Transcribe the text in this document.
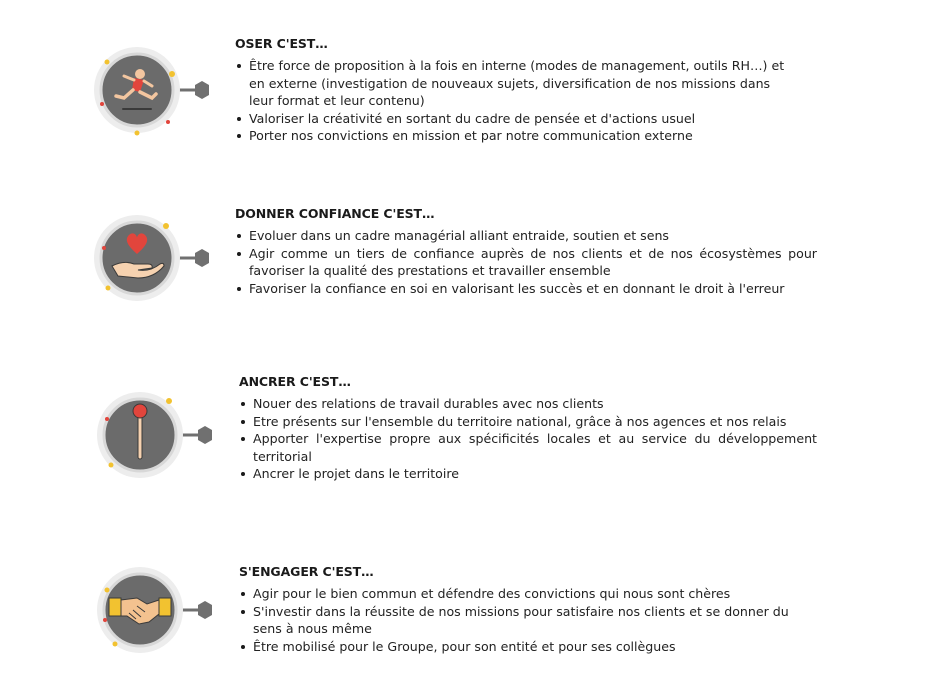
OSER C'EST…
Être force de proposition à la fois en interne (modes de management, outils RH…) et en externe (investigation de nouveaux sujets, diversification de nos missions dans leur format et leur contenu)
Valoriser la créativité en sortant du cadre de pensée et d'actions usuel
Porter nos convictions en mission et par notre communication externe
DONNER CONFIANCE C'EST…
Evoluer dans un cadre managérial alliant entraide, soutien et sens
Agir comme un tiers de confiance auprès de nos clients et de nos écosystèmes pour favoriser la qualité des prestations et travailler ensemble
Favoriser la confiance en soi en valorisant les succès et en donnant le droit à l'erreur
ANCRER C'EST…
Nouer des relations de travail durables avec nos clients
Etre présents sur l'ensemble du territoire national, grâce à nos agences et nos relais
Apporter l'expertise propre aux spécificités locales et au service du développement territorial
Ancrer le projet dans le territoire
S'ENGAGER C'EST…
Agir pour le bien commun et défendre des convictions qui nous sont chères
S'investir dans la réussite de nos missions pour satisfaire nos clients et se donner du sens à nous même
Être mobilisé pour le Groupe, pour son entité et pour ses collègues
